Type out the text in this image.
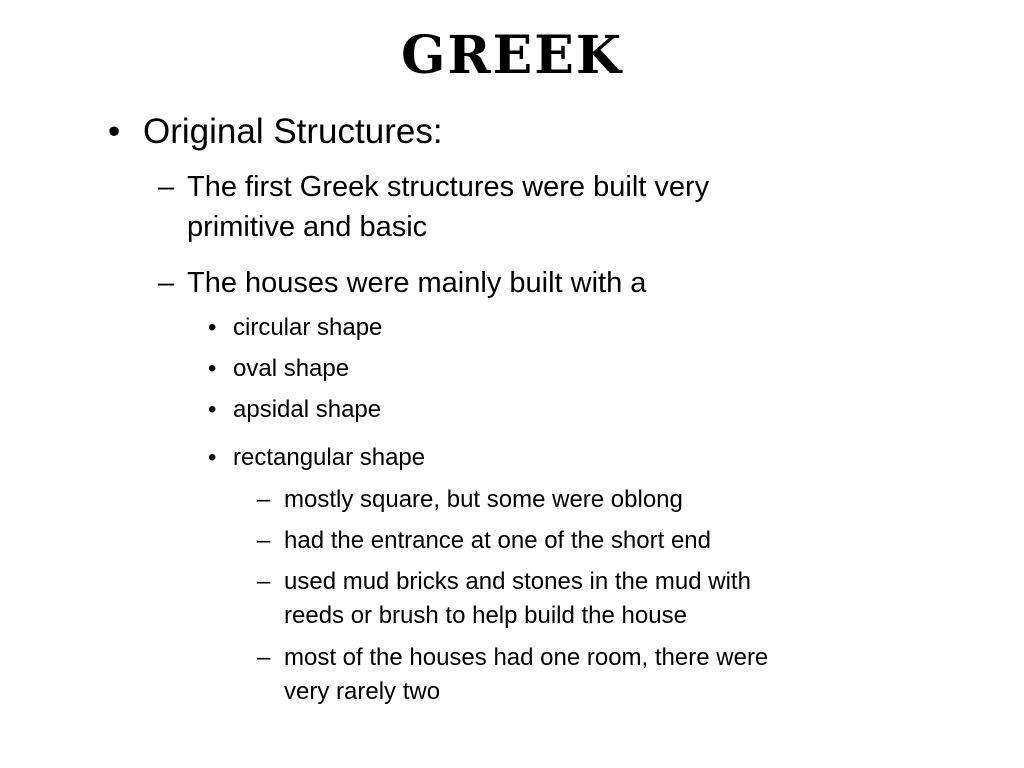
GREEK
• Original Structures:
– The first Greek structures were built very
primitive and basic
– The houses were mainly built with a
• circular shape
• oval shape
• apsidal shape
• rectangular shape
– mostly square, but some were oblong
– had the entrance at one of the short end
– used mud bricks and stones in the mud with
reeds or brush to help build the house
– most of the houses had one room, there were
very rarely two
